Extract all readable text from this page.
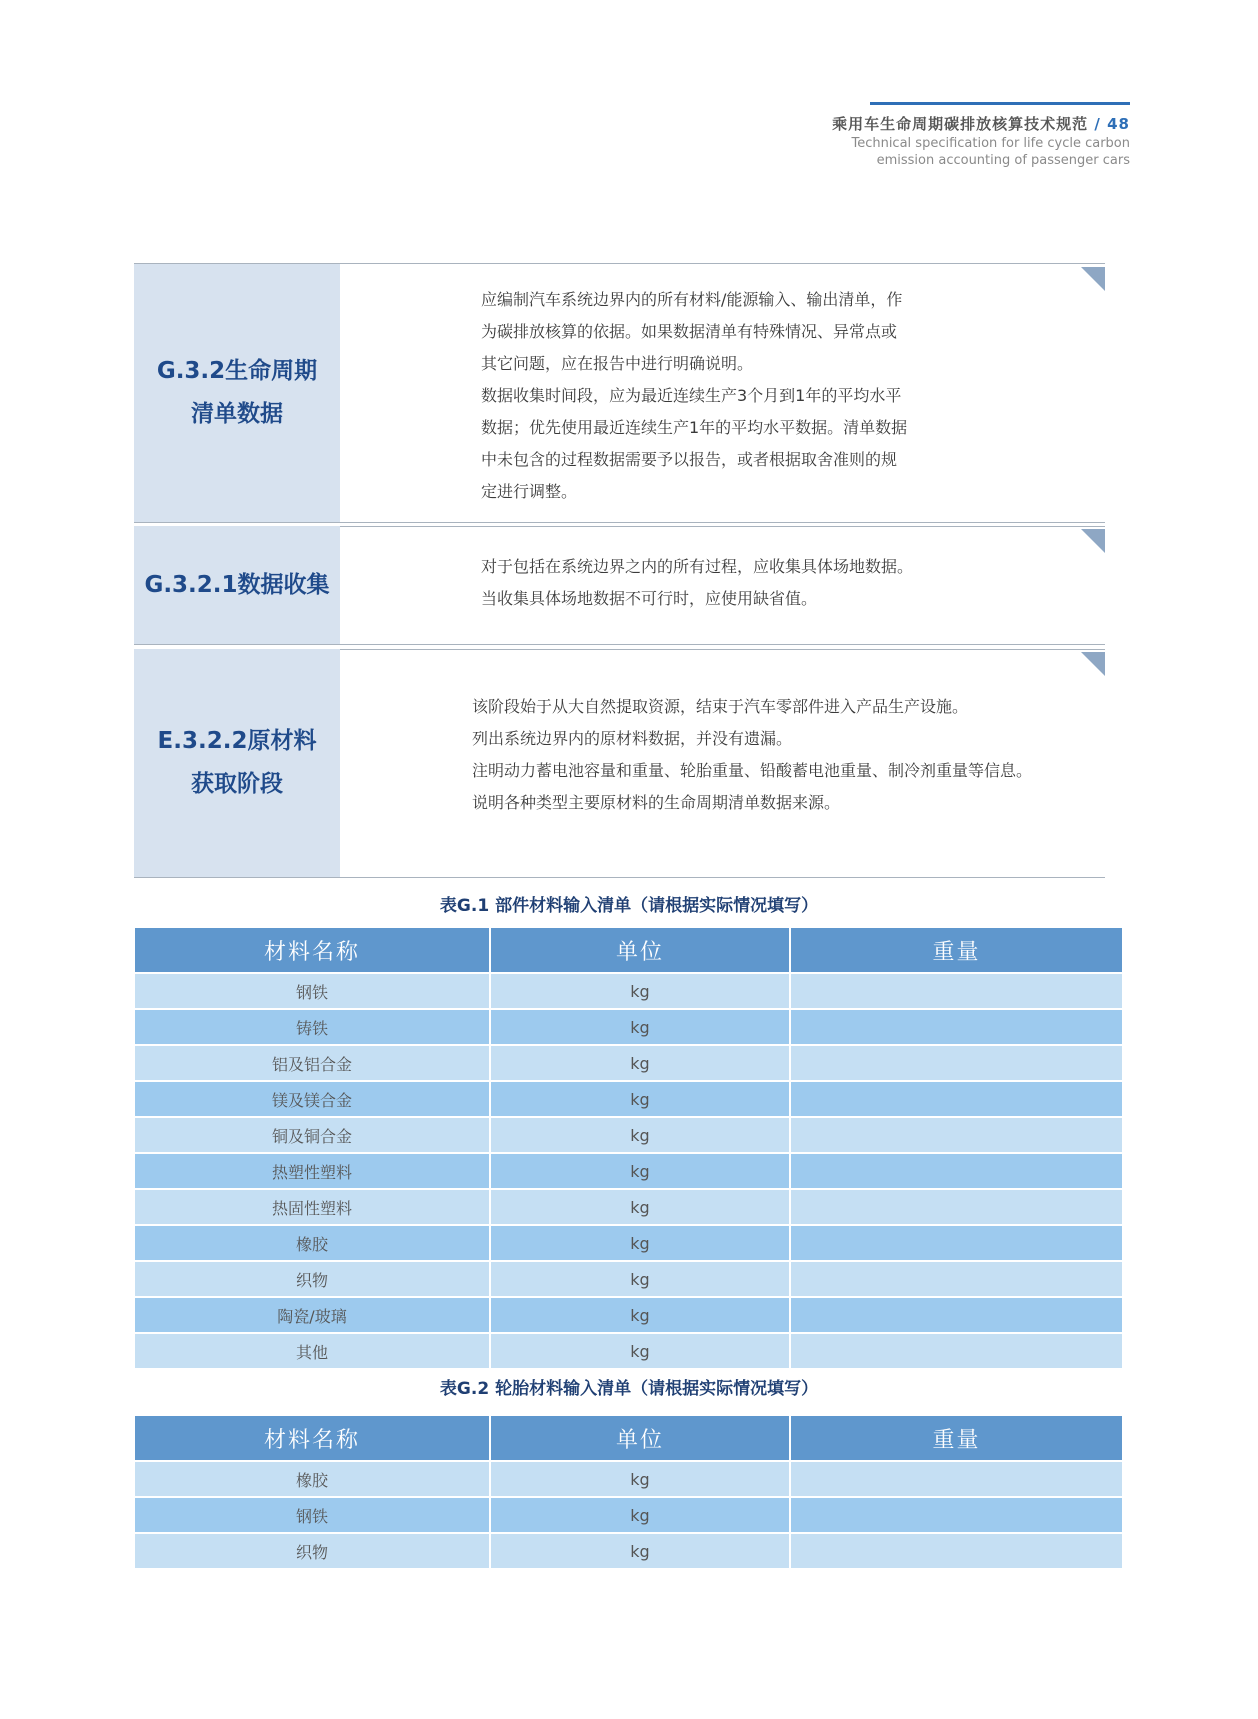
乘用车生命周期碳排放核算技术规范 / 48
Technical specification for life cycle carbon
emission accounting of passenger cars
G.3.2生命周期
清单数据

应编制汽车系统边界内的所有材料/能源输入、输出清单，作

为碳排放核算的依据。如果数据清单有特殊情况、异常点或

其它问题，应在报告中进行明确说明。

数据收集时间段，应为最近连续生产3个月到1年的平均水平

数据；优先使用最近连续生产1年的平均水平数据。清单数据

中未包含的过程数据需要予以报告，或者根据取舍准则的规

定进行调整。

G.3.2.1数据收集

对于包括在系统边界之内的所有过程，应收集具体场地数据。

当收集具体场地数据不可行时，应使用缺省值。

E.3.2.2原材料
获取阶段

该阶段始于从大自然提取资源，结束于汽车零部件进入产品生产设施。

列出系统边界内的原材料数据，并没有遗漏。

注明动力蓄电池容量和重量、轮胎重量、铅酸蓄电池重量、制冷剂重量等信息。

说明各种类型主要原材料的生命周期清单数据来源。

表G.1 部件材料输入清单（请根据实际情况填写）
材料名称	单位	重量
钢铁	kg	
铸铁	kg	
铝及铝合金	kg	
镁及镁合金	kg	
铜及铜合金	kg	
热塑性塑料	kg	
热固性塑料	kg	
橡胶	kg	
织物	kg	
陶瓷/玻璃	kg	
其他	kg	
表G.2 轮胎材料输入清单（请根据实际情况填写）
材料名称	单位	重量
橡胶	kg	
钢铁	kg	
织物	kg	
